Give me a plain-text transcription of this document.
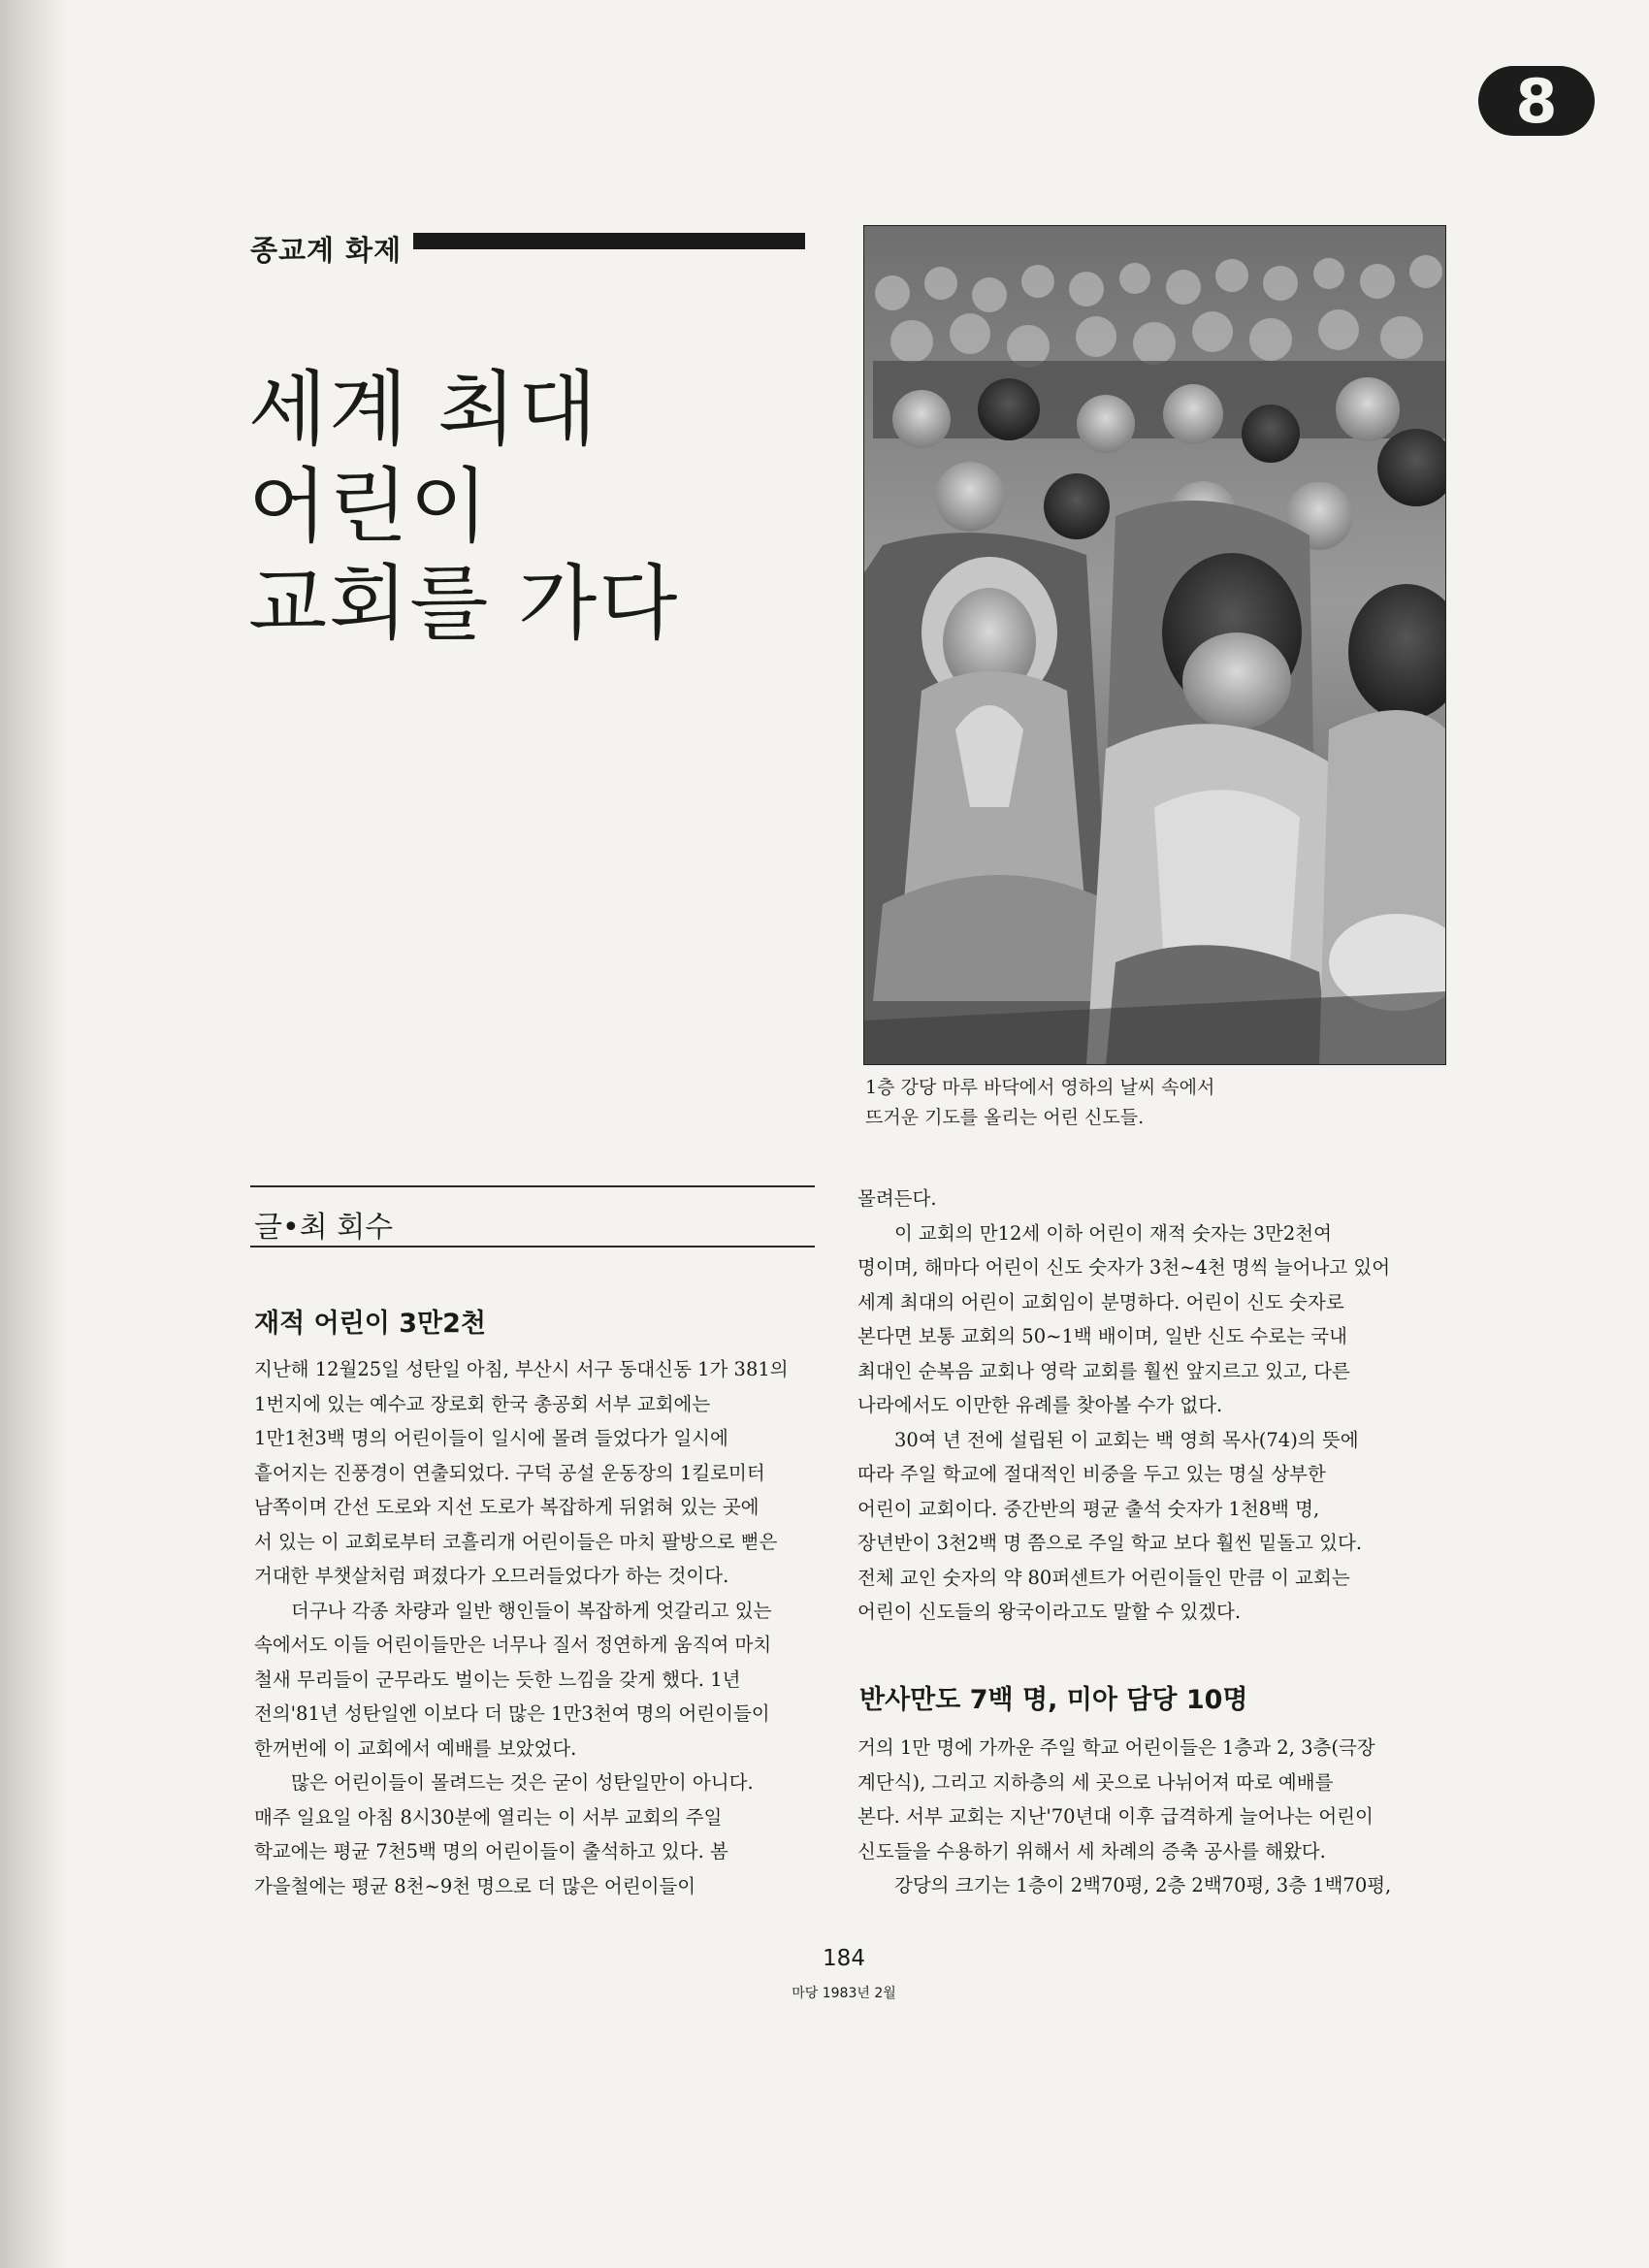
8
종교계 화제
세계 최대
어린이
교회를 가다
1층 강당 마루 바닥에서 영하의 날씨 속에서
뜨거운 기도를 올리는 어린 신도들.
글•최 회수
재적 어린이 3만2천
지난해 12월25일 성탄일 아침, 부산시 서구 동대신동 1가 381의
1번지에 있는 예수교 장로회 한국 총공회 서부 교회에는
1만1천3백 명의 어린이들이 일시에 몰려 들었다가 일시에
흩어지는 진풍경이 연출되었다. 구덕 공설 운동장의 1킬로미터
남쪽이며 간선 도로와 지선 도로가 복잡하게 뒤얽혀 있는 곳에
서 있는 이 교회로부터 코흘리개 어린이들은 마치 팔방으로 뻗은
거대한 부챗살처럼 펴졌다가 오므러들었다가 하는 것이다.
더구나 각종 차량과 일반 행인들이 복잡하게 엇갈리고 있는
속에서도 이들 어린이들만은 너무나 질서 정연하게 움직여 마치
철새 무리들이 군무라도 벌이는 듯한 느낌을 갖게 했다. 1년
전의'81년 성탄일엔 이보다 더 많은 1만3천여 명의 어린이들이
한꺼번에 이 교회에서 예배를 보았었다.
많은 어린이들이 몰려드는 것은 굳이 성탄일만이 아니다.
매주 일요일 아침 8시30분에 열리는 이 서부 교회의 주일
학교에는 평균 7천5백 명의 어린이들이 출석하고 있다. 봄
가을철에는 평균 8천~9천 명으로 더 많은 어린이들이
몰려든다.
이 교회의 만12세 이하 어린이 재적 숫자는 3만2천여
명이며, 해마다 어린이 신도 숫자가 3천~4천 명씩 늘어나고 있어
세계 최대의 어린이 교회임이 분명하다. 어린이 신도 숫자로
본다면 보통 교회의 50~1백 배이며, 일반 신도 수로는 국내
최대인 순복음 교회나 영락 교회를 훨씬 앞지르고 있고, 다른
나라에서도 이만한 유례를 찾아볼 수가 없다.
30여 년 전에 설립된 이 교회는 백 영희 목사(74)의 뜻에
따라 주일 학교에 절대적인 비중을 두고 있는 명실 상부한
어린이 교회이다. 중간반의 평균 출석 숫자가 1천8백 명,
장년반이 3천2백 명 쯤으로 주일 학교 보다 훨씬 밑돌고 있다.
전체 교인 숫자의 약 80퍼센트가 어린이들인 만큼 이 교회는
어린이 신도들의 왕국이라고도 말할 수 있겠다.
반사만도 7백 명, 미아 담당 10명
거의 1만 명에 가까운 주일 학교 어린이들은 1층과 2, 3층(극장
계단식), 그리고 지하층의 세 곳으로 나뉘어져 따로 예배를
본다. 서부 교회는 지난'70년대 이후 급격하게 늘어나는 어린이
신도들을 수용하기 위해서 세 차례의 증축 공사를 해왔다.
강당의 크기는 1층이 2백70평, 2층 2백70평, 3층 1백70평,
184
마당 1983년 2월
